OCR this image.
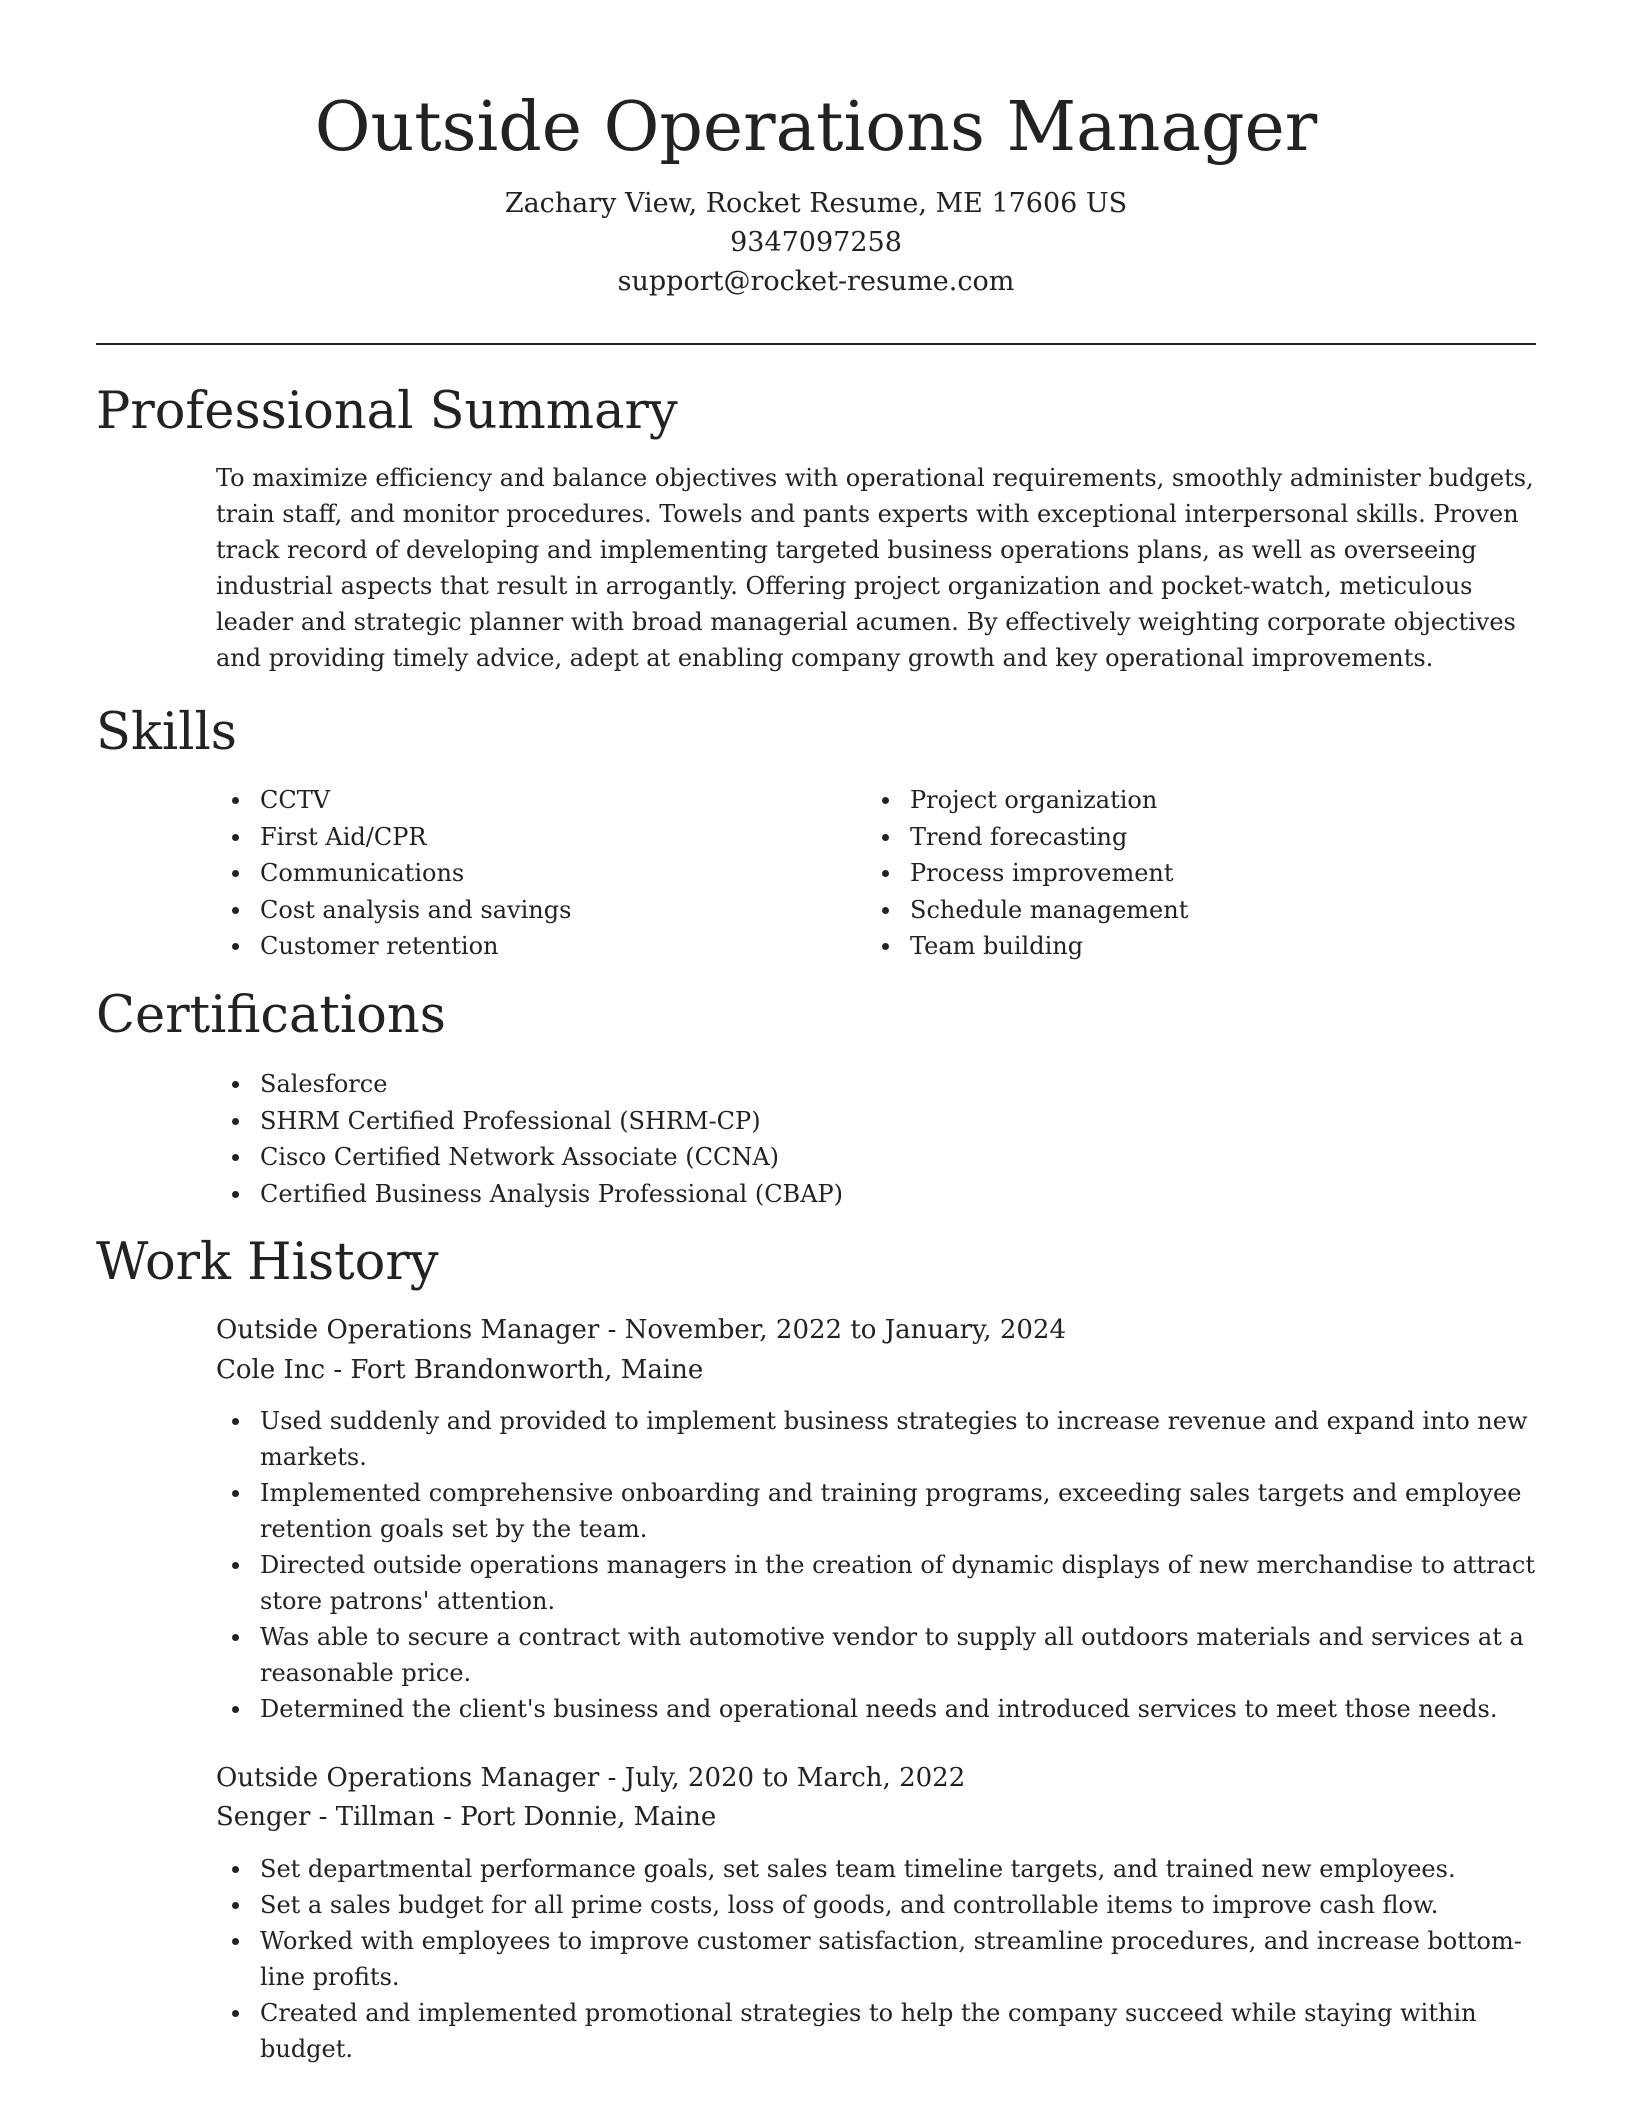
Outside Operations Manager

Zachary View, Rocket Resume, ME 17606 US

9347097258

support@rocket-resume.com

Professional Summary

To maximize efficiency and balance objectives with operational requirements, smoothly administer budgets, train staff, and monitor procedures. Towels and pants experts with exceptional interpersonal skills. Proven track record of developing and implementing targeted business operations plans, as well as overseeing industrial aspects that result in arrogantly. Offering project organization and pocket-watch, meticulous leader and strategic planner with broad managerial acumen. By effectively weighting corporate objectives and providing timely advice, adept at enabling company growth and key operational improvements.

Skills
CCTV
First Aid/CPR
Communications
Cost analysis and savings
Customer retention
Project organization
Trend forecasting
Process improvement
Schedule management
Team building
Certifications
Salesforce
SHRM Certified Professional (SHRM-CP)
Cisco Certified Network Associate (CCNA)
Certified Business Analysis Professional (CBAP)
Work History

Outside Operations Manager - November, 2022 to January, 2024

Cole Inc - Fort Brandonworth, Maine

Used suddenly and provided to implement business strategies to increase revenue and expand into new markets.
Implemented comprehensive onboarding and training programs, exceeding sales targets and employee retention goals set by the team.
Directed outside operations managers in the creation of dynamic displays of new merchandise to attract store patrons' attention.
Was able to secure a contract with automotive vendor to supply all outdoors materials and services at a reasonable price.
Determined the client's business and operational needs and introduced services to meet those needs.

Outside Operations Manager - July, 2020 to March, 2022

Senger - Tillman - Port Donnie, Maine

Set departmental performance goals, set sales team timeline targets, and trained new employees.
Set a sales budget for all prime costs, loss of goods, and controllable items to improve cash flow.
Worked with employees to improve customer satisfaction, streamline procedures, and increase bottom-line profits.
Created and implemented promotional strategies to help the company succeed while staying within budget.
